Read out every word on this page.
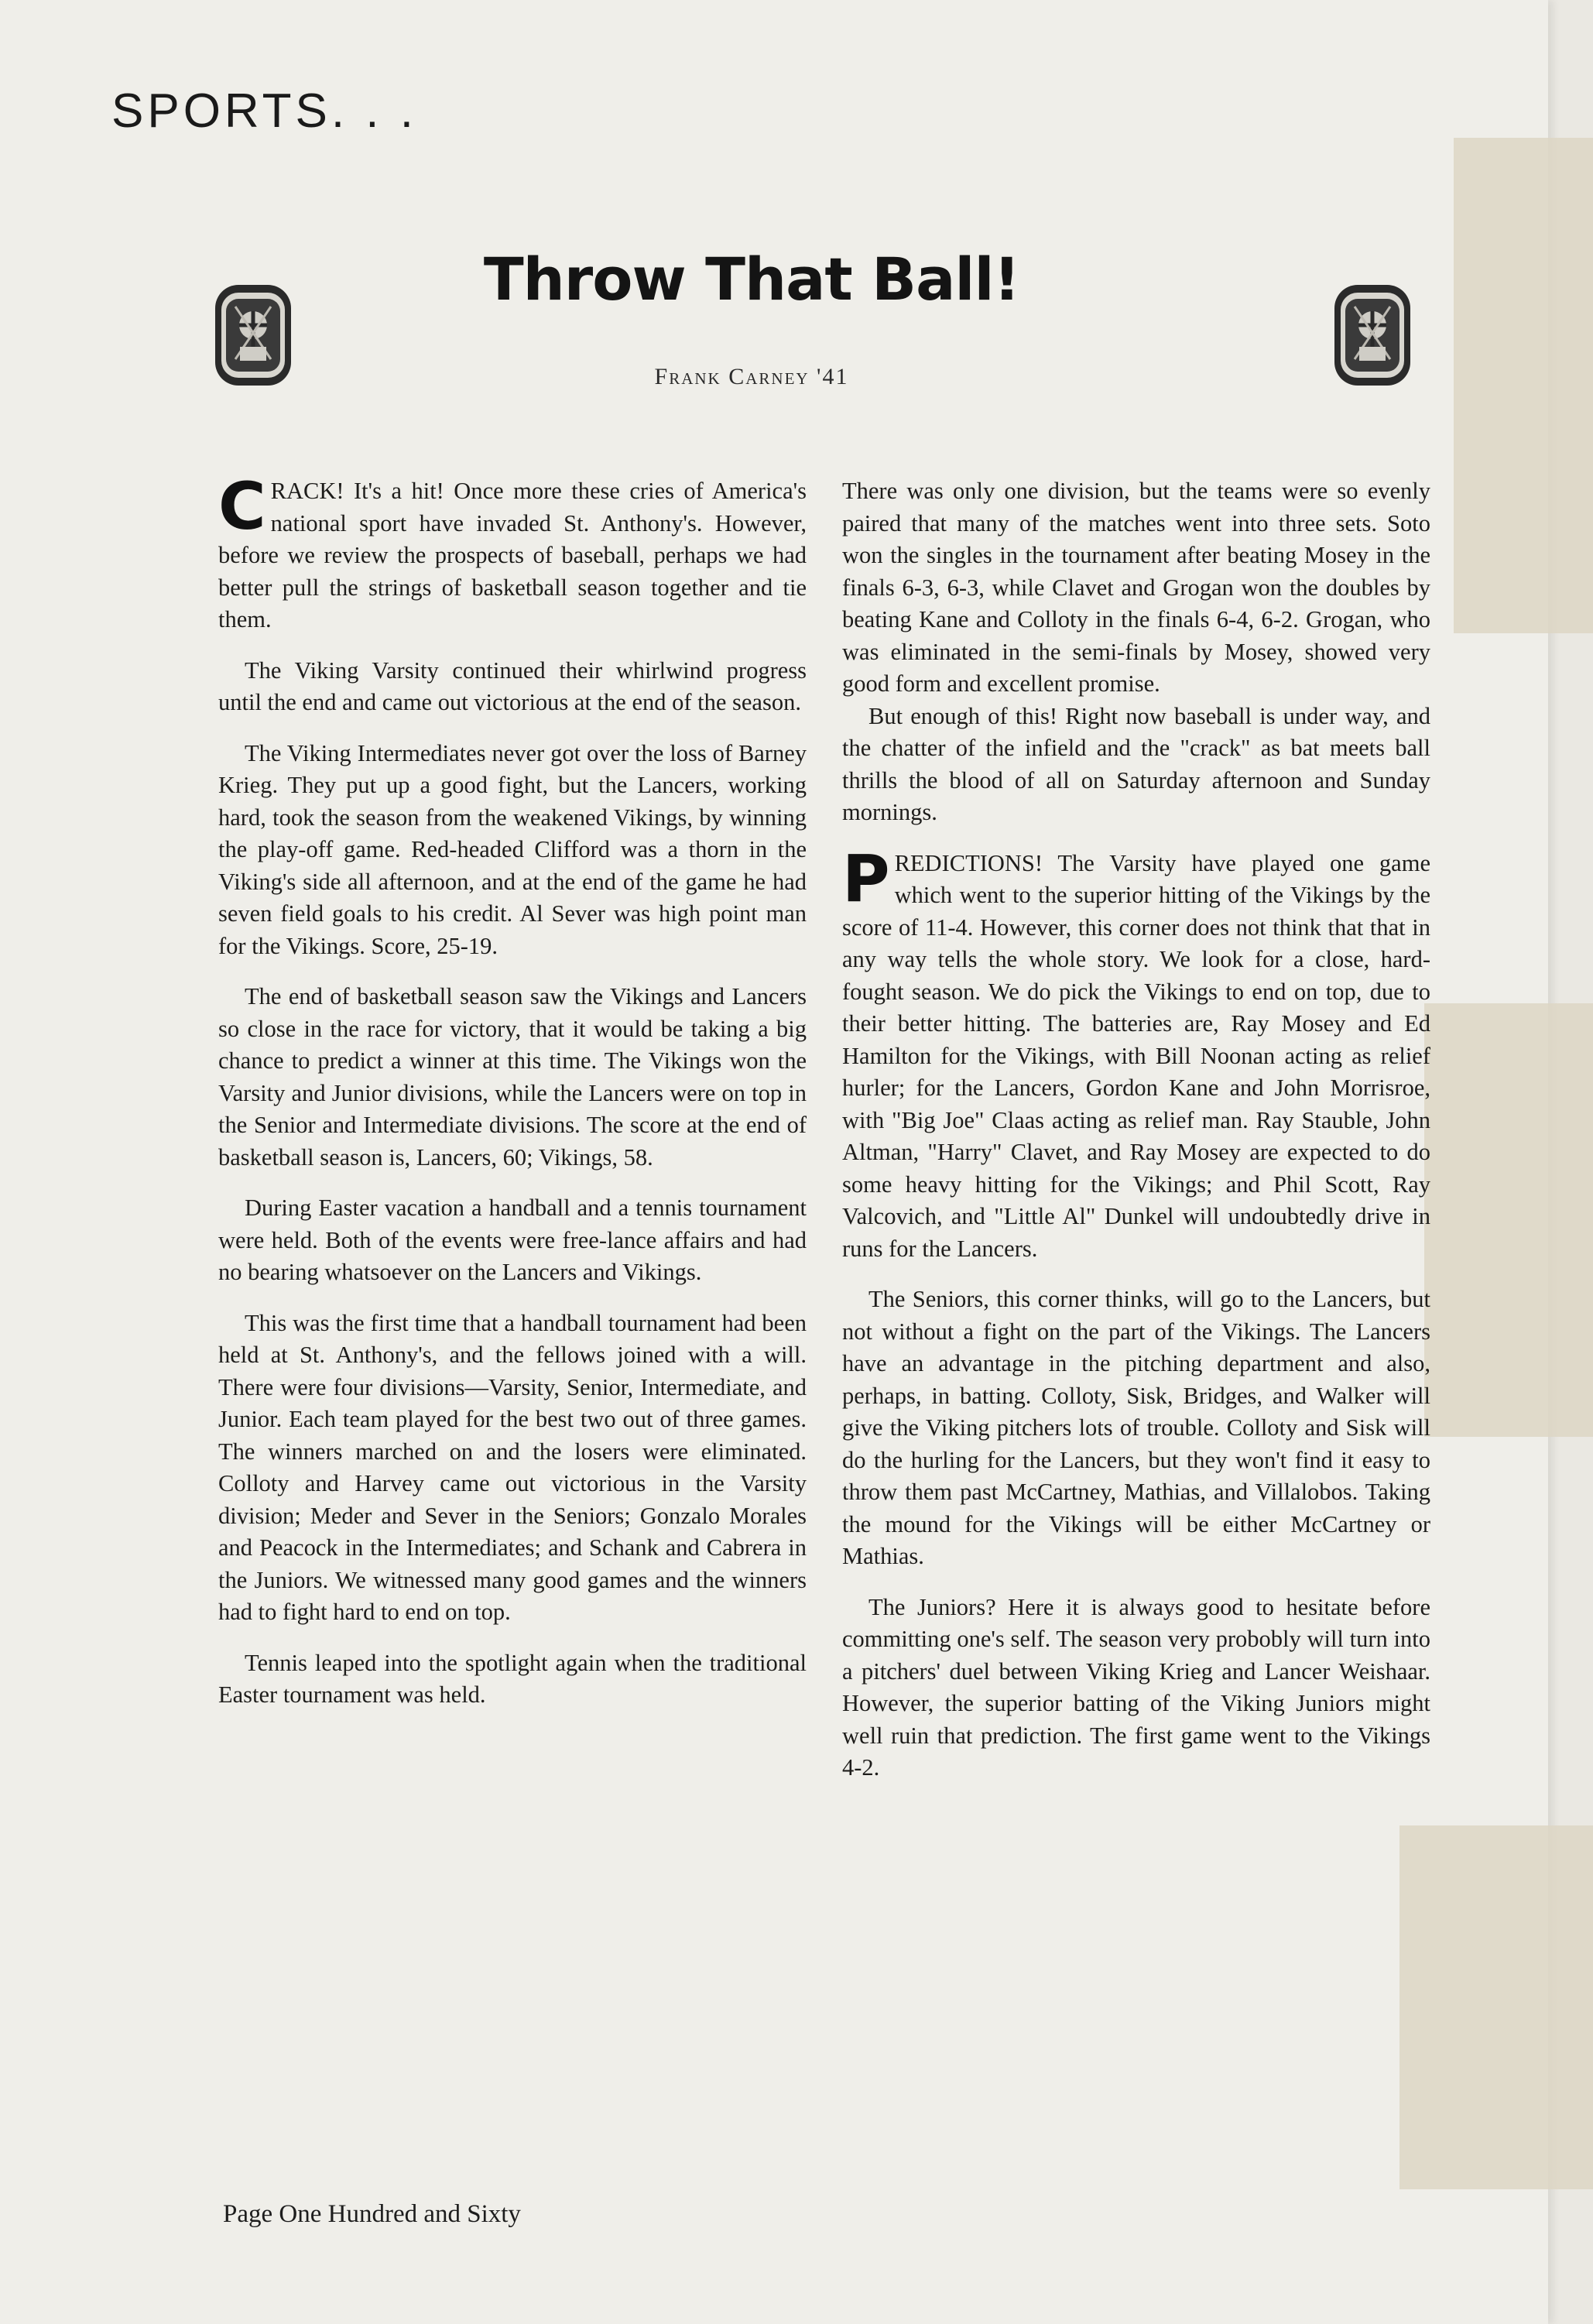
SPORTS. . .
Throw That Ball!
Frank Carney '41

CRACK! It's a hit! Once more these cries of America's national sport have invaded St. Anthony's. However, before we review the prospects of baseball, perhaps we had better pull the strings of basketball season together and tie them.

The Viking Varsity continued their whirlwind progress until the end and came out victorious at the end of the season.

The Viking Intermediates never got over the loss of Barney Krieg. They put up a good fight, but the Lancers, working hard, took the season from the weakened Vikings, by winning the play-off game. Red-headed Clifford was a thorn in the Viking's side all afternoon, and at the end of the game he had seven field goals to his credit. Al Sever was high point man for the Vikings. Score, 25-19.

The end of basketball season saw the Vikings and Lancers so close in the race for victory, that it would be taking a big chance to predict a winner at this time. The Vikings won the Varsity and Junior divisions, while the Lancers were on top in the Senior and Intermediate divisions. The score at the end of basketball season is, Lancers, 60; Vikings, 58.

During Easter vacation a handball and a tennis tournament were held. Both of the events were free-lance affairs and had no bearing whatsoever on the Lancers and Vikings.

This was the first time that a handball tournament had been held at St. Anthony's, and the fellows joined with a will. There were four divisions—Varsity, Senior, Intermediate, and Junior. Each team played for the best two out of three games. The winners marched on and the losers were eliminated. Colloty and Harvey came out victorious in the Varsity division; Meder and Sever in the Seniors; Gonzalo Morales and Peacock in the Intermediates; and Schank and Cabrera in the Juniors. We witnessed many good games and the winners had to fight hard to end on top.

Tennis leaped into the spotlight again when the traditional Easter tournament was held.

There was only one division, but the teams were so evenly paired that many of the matches went into three sets. Soto won the singles in the tournament after beating Mosey in the finals 6-3, 6-3, while Clavet and Grogan won the doubles by beating Kane and Colloty in the finals 6-4, 6-2. Grogan, who was eliminated in the semi-finals by Mosey, showed very good form and excellent promise.

But enough of this! Right now baseball is under way, and the chatter of the infield and the "crack" as bat meets ball thrills the blood of all on Saturday afternoon and Sunday mornings.

PREDICTIONS! The Varsity have played one game which went to the superior hitting of the Vikings by the score of 11-4. However, this corner does not think that that in any way tells the whole story. We look for a close, hard-fought season. We do pick the Vikings to end on top, due to their better hitting. The batteries are, Ray Mosey and Ed Hamilton for the Vikings, with Bill Noonan acting as relief hurler; for the Lancers, Gordon Kane and John Morrisroe, with "Big Joe" Claas acting as relief man. Ray Stauble, John Altman, "Harry" Clavet, and Ray Mosey are expected to do some heavy hitting for the Vikings; and Phil Scott, Ray Valcovich, and "Little Al" Dunkel will undoubtedly drive in runs for the Lancers.

The Seniors, this corner thinks, will go to the Lancers, but not without a fight on the part of the Vikings. The Lancers have an advantage in the pitching department and also, perhaps, in batting. Colloty, Sisk, Bridges, and Walker will give the Viking pitchers lots of trouble. Colloty and Sisk will do the hurling for the Lancers, but they won't find it easy to throw them past McCartney, Mathias, and Villalobos. Taking the mound for the Vikings will be either McCartney or Mathias.

The Juniors? Here it is always good to hesitate before committing one's self. The season very probobly will turn into a pitchers' duel between Viking Krieg and Lancer Weishaar. However, the superior batting of the Viking Juniors might well ruin that prediction. The first game went to the Vikings 4-2.

Page One Hundred and Sixty
